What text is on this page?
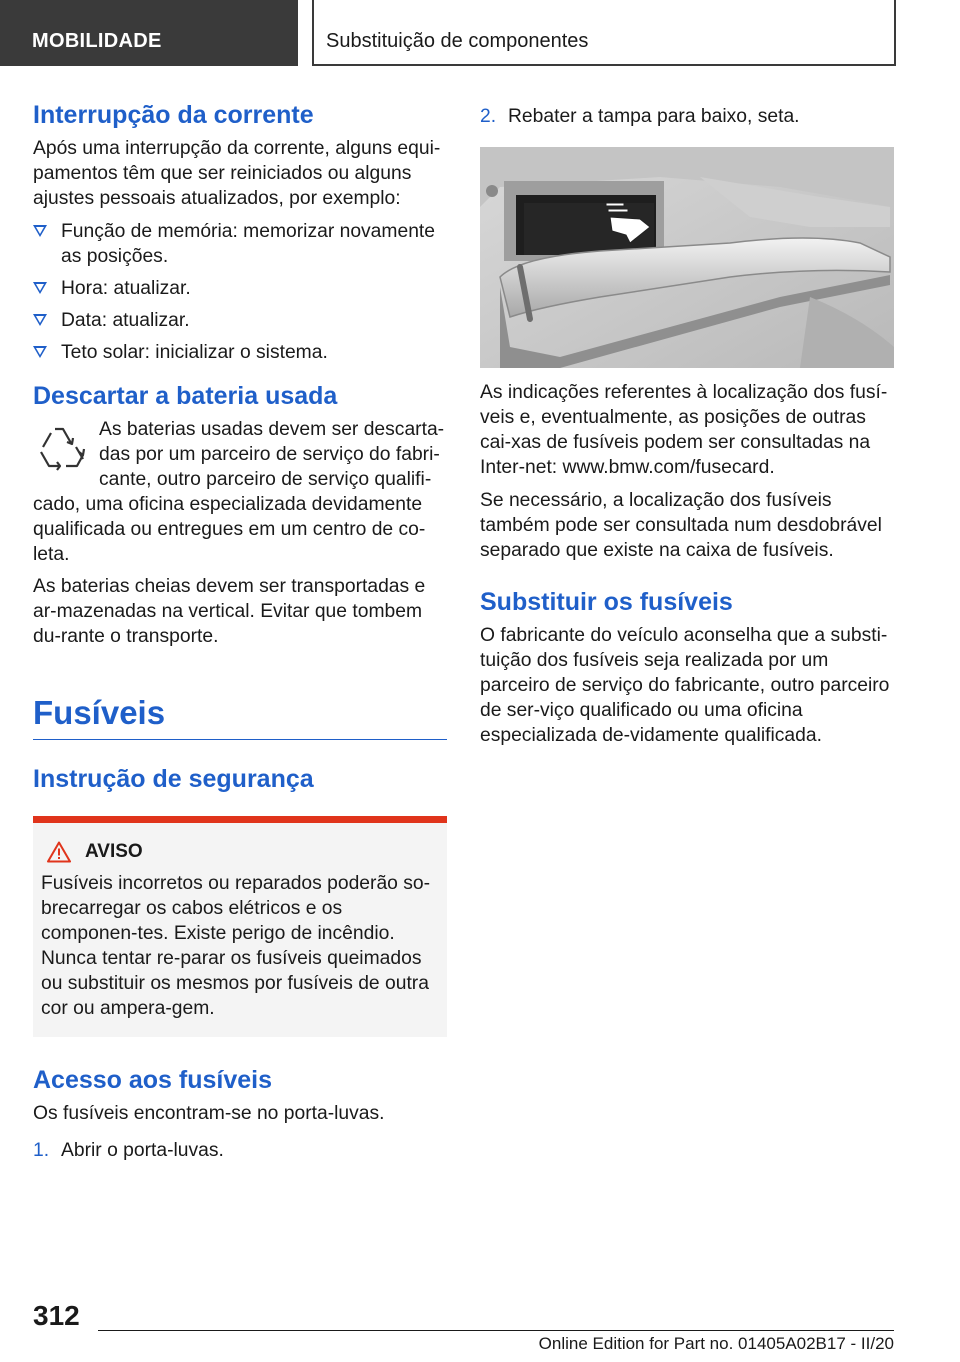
MOBILIDADE	Substituição de componentes
Interrupção da corrente

Após uma interrupção da corrente, alguns equi-pamentos têm que ser reiniciados ou alguns ajustes pessoais atualizados, por exemplo:

Função de memória: memorizar novamente as posições.
Hora: atualizar.
Data: atualizar.
Teto solar: inicializar o sistema.
Descartar a bateria usada

As baterias usadas devem ser descarta-das por um parceiro de serviço do fabri-cante, outro parceiro de serviço qualifi-cado, uma oficina especializada devidamente qualificada ou entregues em um centro de co-leta.

As baterias cheias devem ser transportadas e ar-mazenadas na vertical. Evitar que tombem du-rante o transporte.

Fusíveis
Instrução de segurança
AVISO

Fusíveis incorretos ou reparados poderão so-brecarregar os cabos elétricos e os componen-tes. Existe perigo de incêndio. Nunca tentar re-parar os fusíveis queimados ou substituir os mesmos por fusíveis de outra cor ou ampera-gem.

Acesso aos fusíveis

Os fusíveis encontram-se no porta-luvas.

1. Abrir o porta-luvas.
2. Rebater a tampa para baixo, seta.

As indicações referentes à localização dos fusí-veis e, eventualmente, as posições de outras cai-xas de fusíveis podem ser consultadas na Inter-net: www.bmw.com/fusecard.

Se necessário, a localização dos fusíveis também pode ser consultada num desdobrável separado que existe na caixa de fusíveis.

Substituir os fusíveis

O fabricante do veículo aconselha que a substi-tuição dos fusíveis seja realizada por um parceiro de serviço do fabricante, outro parceiro de ser-viço qualificado ou uma oficina especializada de-vidamente qualificada.

312
Online Edition for Part no. 01405A02B17 - II/20
